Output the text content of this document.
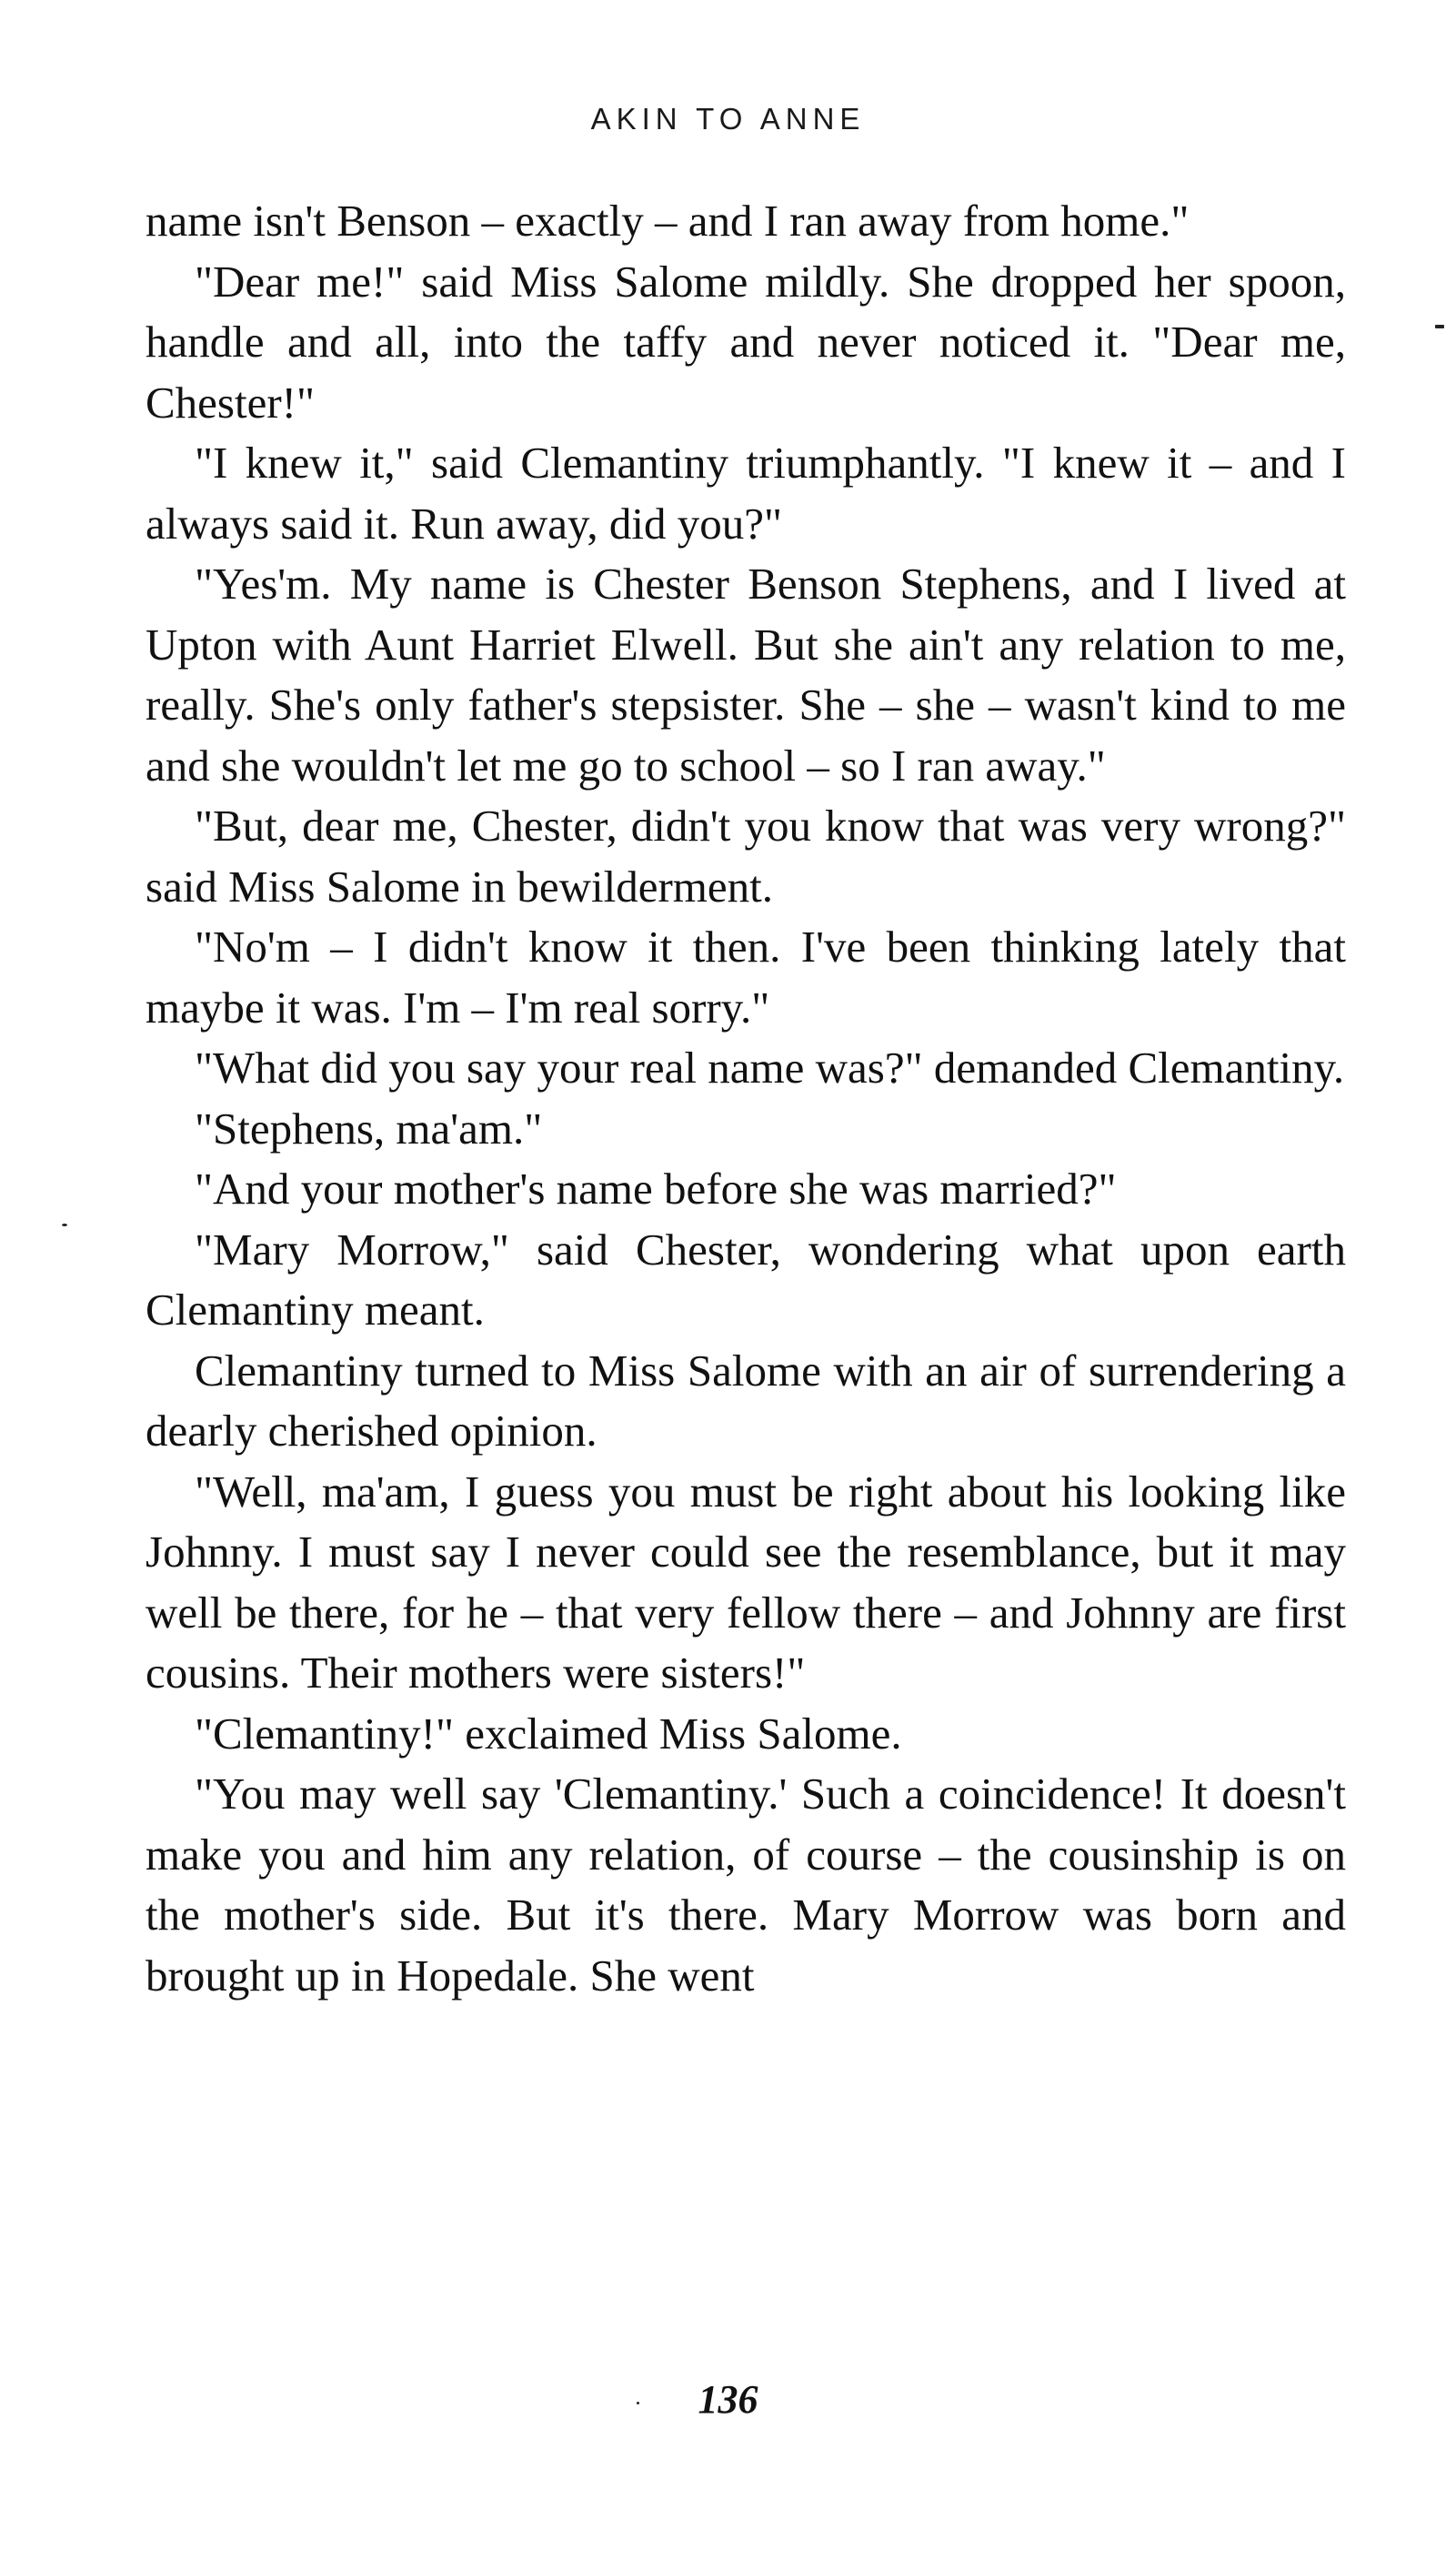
AKIN TO ANNE

name isn't Benson – exactly – and I ran away from home."

"Dear me!" said Miss Salome mildly. She dropped her spoon, handle and all, into the taffy and never noticed it. "Dear me, Chester!"

"I knew it," said Clemantiny triumphantly. "I knew it – and I always said it. Run away, did you?"

"Yes'm. My name is Chester Benson Stephens, and I lived at Upton with Aunt Harriet Elwell. But she ain't any relation to me, really. She's only father's stepsister. She – she – wasn't kind to me and she wouldn't let me go to school – so I ran away."

"But, dear me, Chester, didn't you know that was very wrong?" said Miss Salome in bewilderment.

"No'm – I didn't know it then. I've been thinking lately that maybe it was. I'm – I'm real sorry."

"What did you say your real name was?" demanded Clemantiny.

"Stephens, ma'am."

"And your mother's name before she was married?"

"Mary Morrow," said Chester, wondering what upon earth Clemantiny meant.

Clemantiny turned to Miss Salome with an air of surrendering a dearly cherished opinion.

"Well, ma'am, I guess you must be right about his looking like Johnny. I must say I never could see the resemblance, but it may well be there, for he – that very fellow there – and Johnny are first cousins. Their mothers were sisters!"

"Clemantiny!" exclaimed Miss Salome.

"You may well say 'Clemantiny.' Such a coincidence! It doesn't make you and him any relation, of course – the cousinship is on the mother's side. But it's there. Mary Morrow was born and brought up in Hopedale. She went

136
